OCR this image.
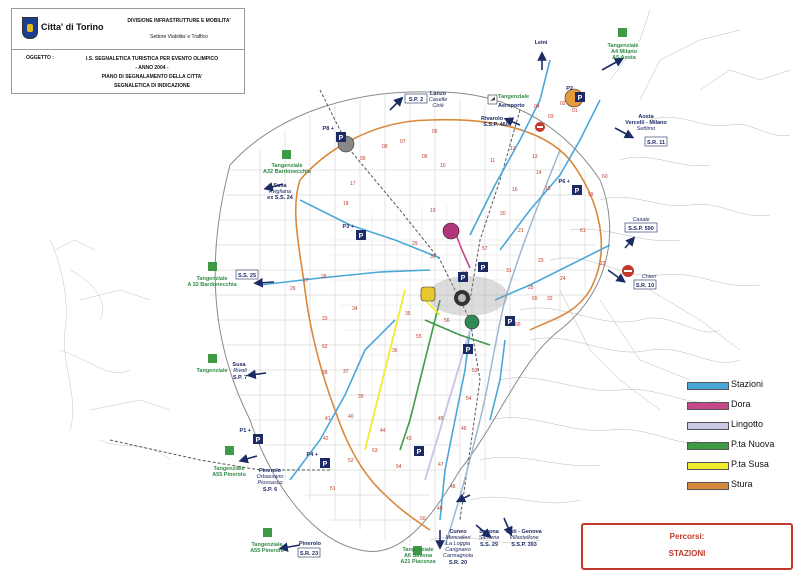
01
02
03
04
05
06
07
08
09
10
11
12
13
14
15
16
17
18
19	20
21
22
23
24
25
26
27
28
29
30
31
32
33
34
35
36
37
38
39
40
41
42	43
44
45
46
47
48
49
50
51
52
53
54
55
56
57
59
60
61
62
63
64
65
66
P
P8 +
P
P3 +
P
P2
P
P6 +
P
P1 +
P
P4 +
P
P
P
P
P
Lanzo
Caselle
Ciriè
S.P. 2
Leinì	Tangenziale
A4 Milano
A5 Aosta
Tangenziale
Aeroporto
Rivarolo
S.S.P. 460
Aosta
Vercelli - Milano
Settimo
S.R. 11
Tangenziale
A32 Bardonecchia
Susa
Avigliana
ex S.S. 24
Casale
S.S.P. 590
Chieri
S.R. 10
S.S. 25
Tangenziale
A 32 Bardonecchia
Tangenziale
Susa
Rivoli
S.P. 7
Tangenziale
A55 Pinerolo
Pinerolo
Orbassano
Piossasco
S.P. 6
Tangenziale
A55 Pinerolo
Pinerolo
S.R. 23
Tangenziale
A6 Savona
A21 Piacenza
Cuneo
Moncalieri
La Loggia
Carignano
Carmagnola
S.R. 20
Savona
Santena
S.S. 29
Asti - Genova
Villastellone
S.S.P. 393
Citta' di Torino
DIVISIONE INFRASTRUTTURE E MOBILITA'
Settore Viabilita' e Traffico
OGGETTO :	I.S. SEGNALETICA TURISTICA PER EVENTO OLIMPICO
- ANNO 2004 -
PIANO DI SEGNALAMENTO DELLA CITTA'
SEGNALETICA DI INDICAZIONE
Stazioni
Dora
Lingotto
P.ta Nuova
P.ta Susa
Stura
Percorsi:
STAZIONI
